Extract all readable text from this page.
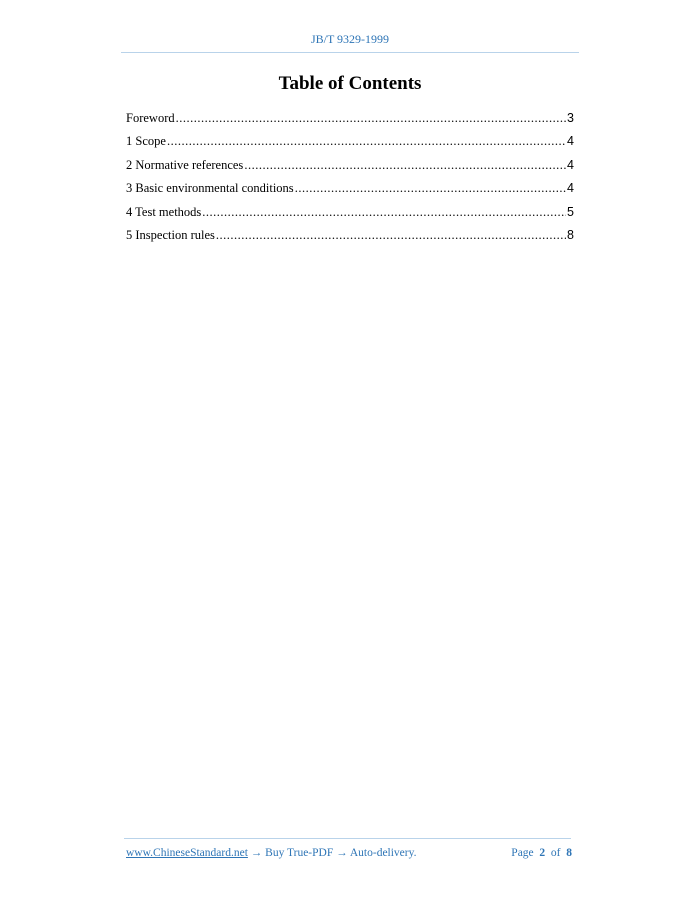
JB/T 9329-1999
Table of Contents
Foreword .....	3
1 Scope .....	4
2 Normative references .....	4
3 Basic environmental conditions .....	4
4 Test methods .....	5
5 Inspection rules .....	8
www.ChineseStandard.net → Buy True-PDF → Auto-delivery.	Page 2 of 8
